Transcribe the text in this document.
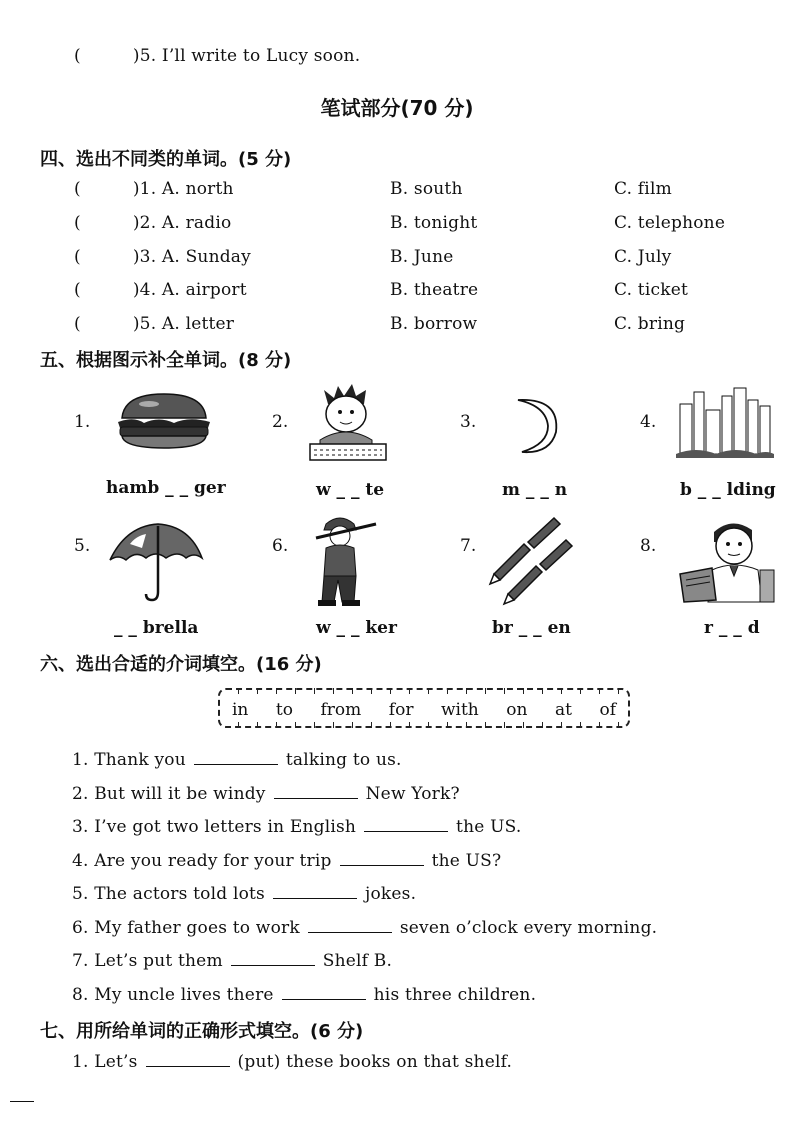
(	)5. I’ll write to Lucy soon.
笔试部分(70 分)
四、选出不同类的单词。(5 分)
(	)1. A. north	B. south	C. film
(	)2. A. radio	B. tonight	C. telephone
(	)3. A. Sunday	B. June	C. July
(	)4. A. airport	B. theatre	C. ticket
(	)5. A. letter	B. borrow	C. bring
五、根据图示补全单词。(8 分)
1.
hamb _ _ ger
2.
w _ _ te
3.
m _ _ n
4.
b _ _ lding
5.
_ _ brella
6.
w _ _ ker
7.
br _ _ en
8.
r _ _ d
六、选出合适的介词填空。(16 分)
in to from for with on at of
1. Thank you	talking to us.
2. But will it be windy	New York?
3. I’ve got two letters in English	the US.
4. Are you ready for your trip	the US?
5. The actors told lots	jokes.
6. My father goes to work	seven o’clock every morning.
7. Let’s put them	Shelf B.
8. My uncle lives there	his three children.
七、用所给单词的正确形式填空。(6 分)
1. Let’s	(put) these books on that shelf.
